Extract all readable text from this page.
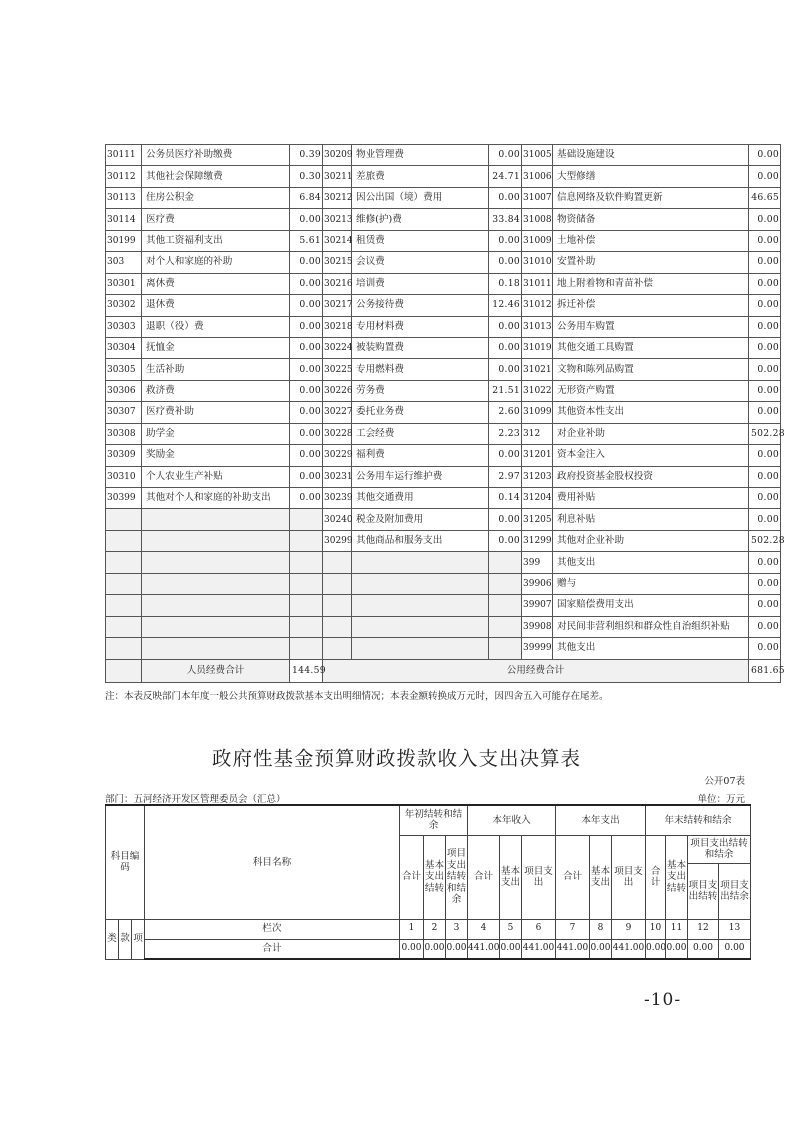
30111	公务员医疗补助缴费	0.39	30209	物业管理费	0.00	31005	基础设施建设	0.00
30112	其他社会保障缴费	0.30	30211	差旅费	24.71	31006	大型修缮	0.00
30113	住房公积金	6.84	30212	因公出国（境）费用	0.00	31007	信息网络及软件购置更新	46.65
30114	医疗费	0.00	30213	维修(护)费	33.84	31008	物资储备	0.00
30199	其他工资福利支出	5.61	30214	租赁费	0.00	31009	土地补偿	0.00
303	对个人和家庭的补助	0.00	30215	会议费	0.00	31010	安置补助	0.00
30301	离休费	0.00	30216	培训费	0.18	31011	地上附着物和青苗补偿	0.00
30302	退休费	0.00	30217	公务接待费	12.46	31012	拆迁补偿	0.00
30303	退职（役）费	0.00	30218	专用材料费	0.00	31013	公务用车购置	0.00
30304	抚恤金	0.00	30224	被装购置费	0.00	31019	其他交通工具购置	0.00
30305	生活补助	0.00	30225	专用燃料费	0.00	31021	文物和陈列品购置	0.00
30306	救济费	0.00	30226	劳务费	21.51	31022	无形资产购置	0.00
30307	医疗费补助	0.00	30227	委托业务费	2.60	31099	其他资本性支出	0.00
30308	助学金	0.00	30228	工会经费	2.23	312	对企业补助	502.28
30309	奖励金	0.00	30229	福利费	0.00	31201	资本金注入	0.00
30310	个人农业生产补贴	0.00	30231	公务用车运行维护费	2.97	31203	政府投资基金股权投资	0.00
30399	其他对个人和家庭的补助支出	0.00	30239	其他交通费用	0.14	31204	费用补贴	0.00
			30240	税金及附加费用	0.00	31205	利息补贴	0.00
			30299	其他商品和服务支出	0.00	31299	其他对企业补助	502.28
						399	其他支出	0.00
						39906	赠与	0.00
						39907	国家赔偿费用支出	0.00
						39908	对民间非营利组织和群众性自治组织补贴	0.00
						39999	其他支出	0.00
	人员经费合计	144.59	公用经费合计					681.65
注：本表反映部门本年度一般公共预算财政拨款基本支出明细情况；本表金额转换成万元时，因四舍五入可能存在尾差。
政府性基金预算财政拨款收入支出决算表
公开07表
部门：五河经济开发区管理委员会（汇总）	单位：万元
科目编码			科目名称	年初结转和结余			本年收入			本年支出			年末结转和结余			
				合计	基本支出结转	项目支出结转和结余	合计	基本支出	项目支出	合计	基本支出	项目支出	合计	基本支出结转	项目支出结转和结余	
															项目支出结转	项目支出结余
类	款	项	栏次	1	2	3	4	5	6	7	8	9	10	11	12	13
			合计	0.00	0.00	0.00	441.00	0.00	441.00	441.00	0.00	441.00	0.00	0.00	0.00	0.00
-10-
